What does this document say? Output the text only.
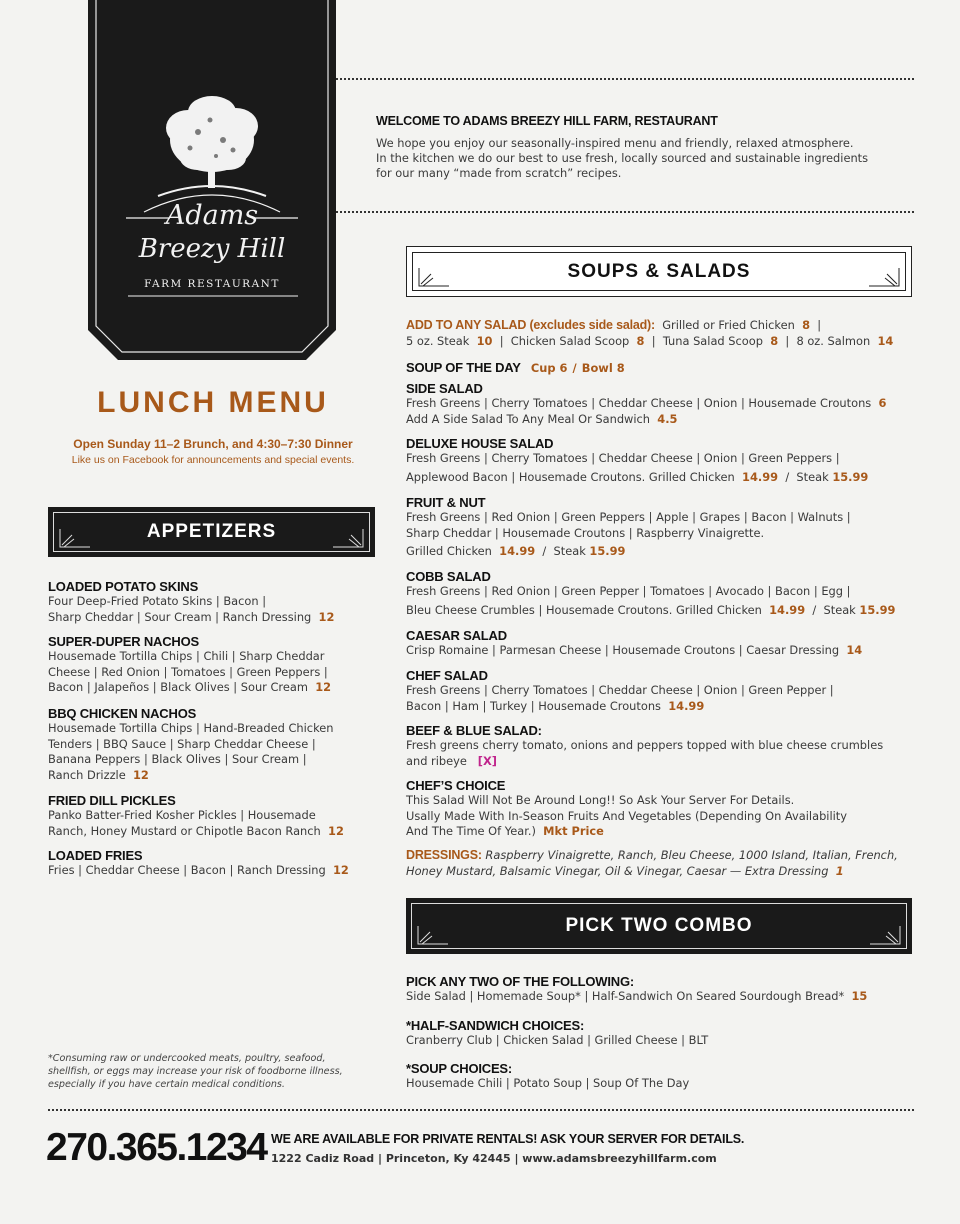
Adams
Breezy Hill
FARM RESTAURANT
WELCOME TO ADAMS BREEZY HILL FARM, RESTAURANT
We hope you enjoy our seasonally-inspired menu and friendly, relaxed atmosphere.
In the kitchen we do our best to use fresh, locally sourced and sustainable ingredients
for our many “made from scratch” recipes.
LUNCH MENU
Open Sunday 11–2 Brunch, and 4:30–7:30 Dinner
Like us on Facebook for announcements and special events.
APPETIZERS
LOADED POTATO SKINS
Four Deep-Fried Potato Skins | Bacon |
Sharp Cheddar | Sour Cream | Ranch Dressing 12
SUPER-DUPER NACHOS
Housemade Tortilla Chips | Chili | Sharp Cheddar
Cheese | Red Onion | Tomatoes | Green Peppers |
Bacon | Jalapeños | Black Olives | Sour Cream 12
BBQ CHICKEN NACHOS
Housemade Tortilla Chips | Hand-Breaded Chicken
Tenders | BBQ Sauce | Sharp Cheddar Cheese |
Banana Peppers | Black Olives | Sour Cream |
Ranch Drizzle 12
FRIED DILL PICKLES
Panko Batter-Fried Kosher Pickles | Housemade
Ranch, Honey Mustard or Chipotle Bacon Ranch 12
LOADED FRIES
Fries | Cheddar Cheese | Bacon | Ranch Dressing 12
*Consuming raw or undercooked meats, poultry, seafood,
shellfish, or eggs may increase your risk of foodborne illness,
especially if you have certain medical conditions.
SOUPS & SALADS
ADD TO ANY SALAD (excludes side salad): Grilled or Fried Chicken 8 |
5 oz. Steak 10  |  Chicken Salad Scoop 8  |  Tuna Salad Scoop 8  |  8 oz. Salmon 14
SOUP OF THE DAY Cup 6 / Bowl 8
SIDE SALAD
Fresh Greens | Cherry Tomatoes | Cheddar Cheese | Onion | Housemade Croutons 6
Add A Side Salad To Any Meal Or Sandwich 4.5
DELUXE HOUSE SALAD
Fresh Greens | Cherry Tomatoes | Cheddar Cheese | Onion | Green Peppers |
Applewood Bacon | Housemade Croutons. Grilled Chicken 14.99 / Steak 15.99
FRUIT & NUT
Fresh Greens | Red Onion | Green Peppers | Apple | Grapes | Bacon | Walnuts |
Sharp Cheddar | Housemade Croutons | Raspberry Vinaigrette.
Grilled Chicken 14.99 / Steak 15.99
COBB SALAD
Fresh Greens | Red Onion | Green Pepper | Tomatoes | Avocado | Bacon | Egg |
Bleu Cheese Crumbles | Housemade Croutons. Grilled Chicken 14.99 / Steak 15.99
CAESAR SALAD
Crisp Romaine | Parmesan Cheese | Housemade Croutons | Caesar Dressing 14
CHEF SALAD
Fresh Greens | Cherry Tomatoes | Cheddar Cheese | Onion | Green Pepper |
Bacon | Ham | Turkey | Housemade Croutons 14.99
BEEF & BLUE SALAD:
Fresh greens cherry tomato, onions and peppers topped with blue cheese crumbles
and ribeye [X]
CHEF’S CHOICE
This Salad Will Not Be Around Long!! So Ask Your Server For Details.
Usally Made With In-Season Fruits And Vegetables (Depending On Availability
And The Time Of Year.) Mkt Price
DRESSINGS: Raspberry Vinaigrette, Ranch, Bleu Cheese, 1000 Island, Italian, French,
Honey Mustard, Balsamic Vinegar, Oil & Vinegar, Caesar — Extra Dressing 1
PICK TWO COMBO
PICK ANY TWO OF THE FOLLOWING:
Side Salad | Homemade Soup* | Half-Sandwich On Seared Sourdough Bread* 15
*HALF-SANDWICH CHOICES:
Cranberry Club | Chicken Salad | Grilled Cheese | BLT
*SOUP CHOICES:
Housemade Chili | Potato Soup | Soup Of The Day
270.365.1234 WE ARE AVAILABLE FOR PRIVATE RENTALS! ASK YOUR SERVER FOR DETAILS.
1222 Cadiz Road | Princeton, Ky 42445 | www.adamsbreezyhillfarm.com
